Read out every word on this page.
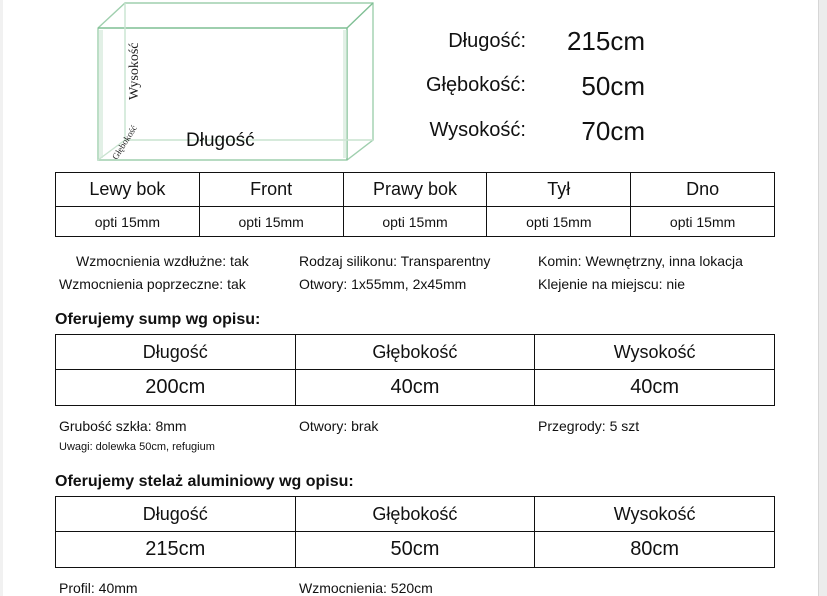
Długość
Wysokość
Głębokość
Długość:	215cm
Głębokość:	50cm
Wysokość:	70cm
Lewy bok	Front	Prawy bok	Tył	Dno
opti 15mm	opti 15mm	opti 15mm	opti 15mm	opti 15mm
Wzmocnienia wzdłużne: tak
Wzmocnienia poprzeczne: tak
Rodzaj silikonu: Transparentny
Otwory: 1x55mm, 2x45mm
Komin: Wewnętrzny, inna lokacja
Klejenie na miejscu: nie
Oferujemy sump wg opisu:
Długość	Głębokość	Wysokość
200cm	40cm	40cm
Grubość szkła: 8mm	Otwory: brak	Przegrody: 5 szt
Uwagi: dolewka 50cm, refugium
Oferujemy stelaż aluminiowy wg opisu:
Długość	Głębokość	Wysokość
215cm	50cm	80cm
Profil: 40mm	Wzmocnienia: 520cm
